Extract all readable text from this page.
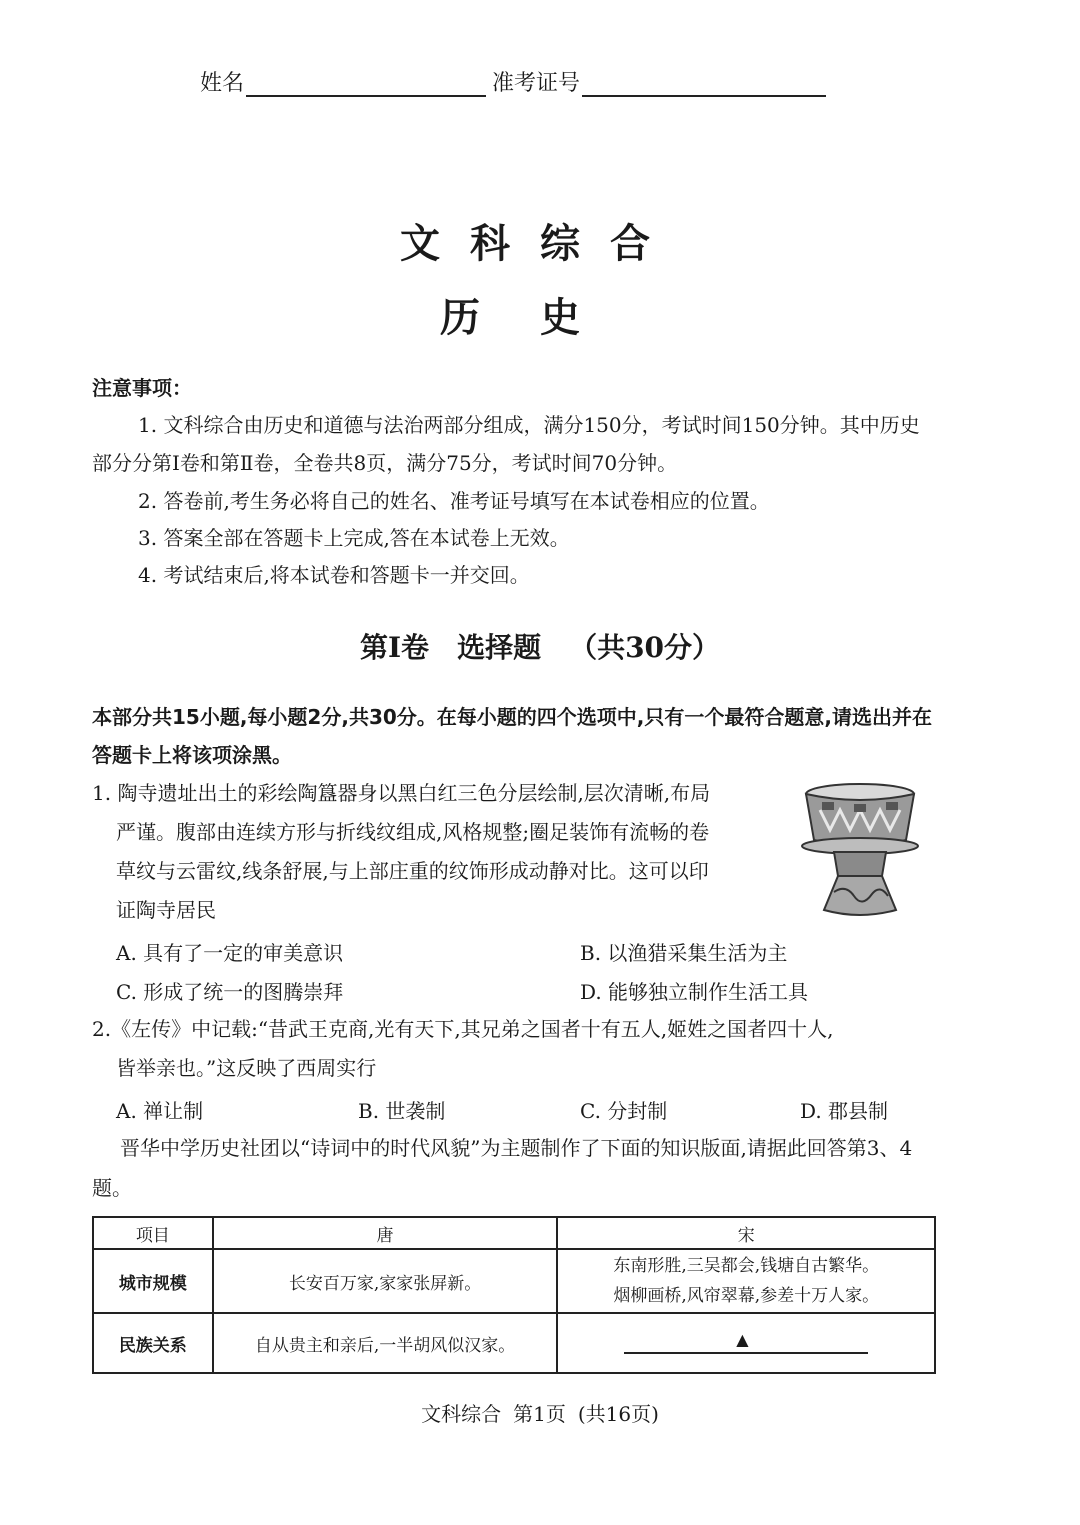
姓名	准考证号
文科综合
历史
注意事项：
1. 文科综合由历史和道德与法治两部分组成，满分150分，考试时间150分钟。其中历史部分分第Ⅰ卷和第Ⅱ卷，全卷共8页，满分75分，考试时间70分钟。
2. 答卷前,考生务必将自己的姓名、准考证号填写在本试卷相应的位置。
3. 答案全部在答题卡上完成,答在本试卷上无效。
4. 考试结束后,将本试卷和答题卡一并交回。
第Ⅰ卷 选择题 （共30分）
本部分共15小题,每小题2分,共30分。在每小题的四个选项中,只有一个最符合题意,请选出并在答题卡上将该项涂黑。
1. 陶寺遗址出土的彩绘陶簋器身以黑白红三色分层绘制,层次清晰,布局
严谨。腹部由连续方形与折线纹组成,风格规整;圈足装饰有流畅的卷
草纹与云雷纹,线条舒展,与上部庄重的纹饰形成动静对比。这可以印
证陶寺居民
A. 具有了一定的审美意识	B. 以渔猎采集生活为主
C. 形成了统一的图腾崇拜	D. 能够独立制作生活工具
2.《左传》中记载:“昔武王克商,光有天下,其兄弟之国者十有五人,姬姓之国者四十人,
皆举亲也。”这反映了西周实行
A. 禅让制	B. 世袭制	C. 分封制	D. 郡县制
晋华中学历史社团以“诗词中的时代风貌”为主题制作了下面的知识版面,请据此回答第3、4题。
项目	唐	宋
城市规模	长安百万家,家家张屏新。	东南形胜,三吴都会,钱塘自古繁华。
烟柳画桥,风帘翠幕,参差十万人家。

民族关系	自从贵主和亲后,一半胡风似汉家。	▲
文科综合 第1页 (共16页)
